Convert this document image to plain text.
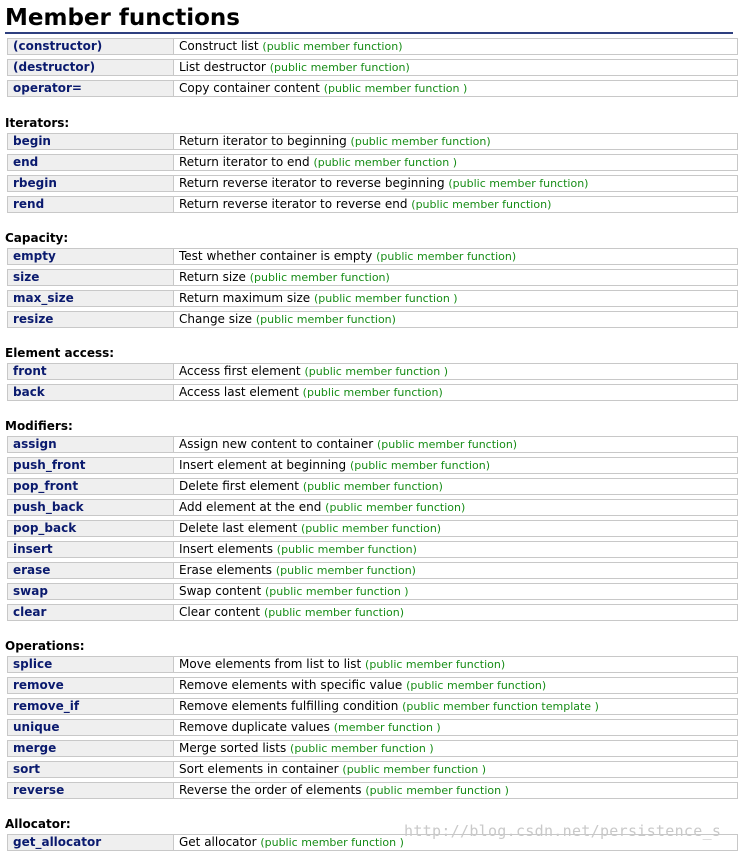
Member functions
(constructor)	Construct list (public member function)
(destructor)	List destructor (public member function)
operator=	Copy container content (public member function )
Iterators:
begin	Return iterator to beginning (public member function)
end	Return iterator to end (public member function )
rbegin	Return reverse iterator to reverse beginning (public member function)
rend	Return reverse iterator to reverse end (public member function)
Capacity:
empty	Test whether container is empty (public member function)
size	Return size (public member function)
max_size	Return maximum size (public member function )
resize	Change size (public member function)
Element access:
front	Access first element (public member function )
back	Access last element (public member function)
Modifiers:
assign	Assign new content to container (public member function)
push_front	Insert element at beginning (public member function)
pop_front	Delete first element (public member function)
push_back	Add element at the end (public member function)
pop_back	Delete last element (public member function)
insert	Insert elements (public member function)
erase	Erase elements (public member function)
swap	Swap content (public member function )
clear	Clear content (public member function)
Operations:
splice	Move elements from list to list (public member function)
remove	Remove elements with specific value (public member function)
remove_if	Remove elements fulfilling condition (public member function template )
unique	Remove duplicate values (member function )
merge	Merge sorted lists (public member function )
sort	Sort elements in container (public member function )
reverse	Reverse the order of elements (public member function )
Allocator:
get_allocator	Get allocator (public member function )
http://blog.csdn.net/persistence_s
